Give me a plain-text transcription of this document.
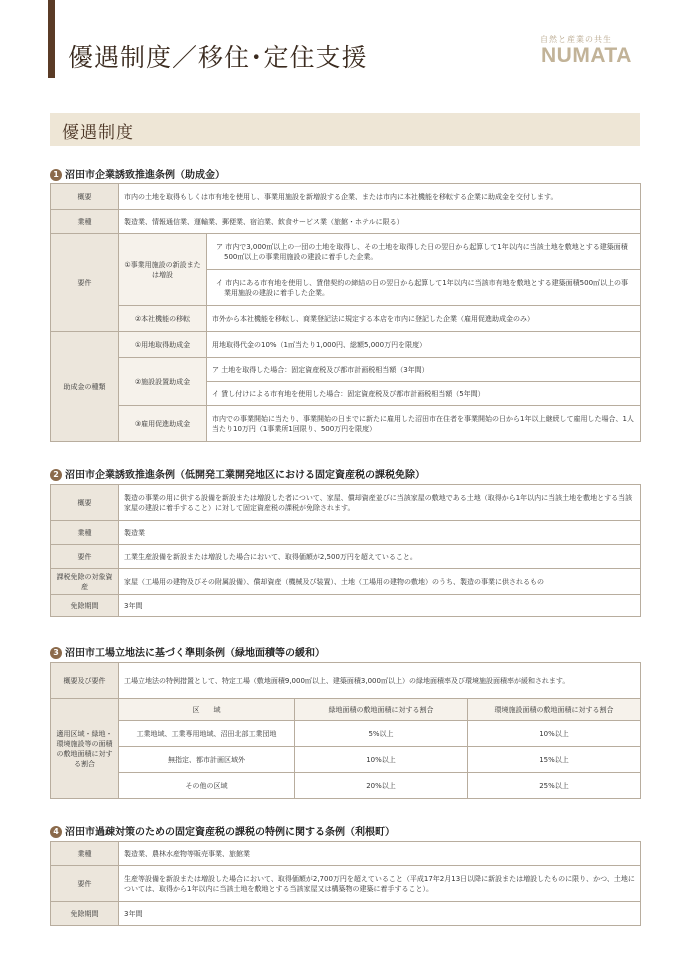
優遇制度／移住･定住支援
自然と産業の共生
NUMATA
優遇制度
1 沼田市企業誘致推進条例（助成金）
概要	市内の土地を取得もしくは市有地を使用し、事業用施設を新増設する企業、または市内に本社機能を移転する企業に助成金を交付します。	
業種	製造業、情報通信業、運輸業、郵便業、宿泊業、飲食サービス業（旅館・ホテルに限る）	
要件	①事業用施設の新設または増設	ア 市内で3,000㎡以上の一団の土地を取得し、その土地を取得した日の翌日から起算して1年以内に当該土地を敷地とする建築面積500㎡以上の事業用施設の建設に着手した企業。

		イ 市内にある市有地を使用し、賃借契約の締結の日の翌日から起算して1年以内に当該市有地を敷地とする建築面積500㎡以上の事業用施設の建設に着手した企業。

	②本社機能の移転	市外から本社機能を移転し、商業登記法に規定する本店を市内に登記した企業（雇用促進助成金のみ）
助成金の種類	①用地取得助成金	用地取得代金の10%（1㎡当たり1,000円、総額5,000万円を限度）
	②施設設置助成金	ア 土地を取得した場合：固定資産税及び都市計画税相当額（3年間）
		イ 賃し付けによる市有地を使用した場合：固定資産税及び都市計画税相当額（5年間）
	③雇用促進助成金	市内での事業開始に当たり、事業開始の日までに新たに雇用した沼田市在住者を事業開始の日から1年以上継続して雇用した場合、1人当たり10万円（1事業所1回限り、500万円を限度）
2 沼田市企業誘致推進条例（低開発工業開発地区における固定資産税の課税免除）
概要	製造の事業の用に供する設備を新設または増設した者について、家屋、償却資産並びに当該家屋の敷地である土地（取得から1年以内に当該土地を敷地とする当該家屋の建設に着手すること）に対して固定資産税の課税が免除されます。
業種	製造業
要件	工業生産設備を新設または増設した場合において、取得価額が2,500万円を超えていること。
課税免除の対象資産	家屋（工場用の建物及びその附属設備）、償却資産（機械及び装置）、土地（工場用の建物の敷地）のうち、製造の事業に供されるもの
免除期間	3年間
3 沼田市工場立地法に基づく準則条例（緑地面積等の緩和）
概要及び要件	工場立地法の特例措置として、特定工場（敷地面積9,000㎡以上、建築面積3,000㎡以上）の緑地面積率及び環境施設面積率が緩和されます。		
適用区域・緑地・環境施設等の面積の敷地面積に対する割合	区　　域	緑地面積の敷地面積に対する割合	環境施設面積の敷地面積に対する割合
	工業地域、工業専用地域、沼田北部工業団地	5%以上	10%以上
	無指定、都市計画区域外	10%以上	15%以上
	その他の区域	20%以上	25%以上
4 沼田市過疎対策のための固定資産税の課税の特例に関する条例（利根町）
業種	製造業、農林水産物等販売事業、旅館業
要件	生産等設備を新設または増設した場合において、取得価額が2,700万円を超えていること（平成17年2月13日以降に新設または増設したものに限り、かつ、土地については、取得から1年以内に当該土地を敷地とする当該家屋又は構築物の建築に着手すること）。
免除期間	3年間
